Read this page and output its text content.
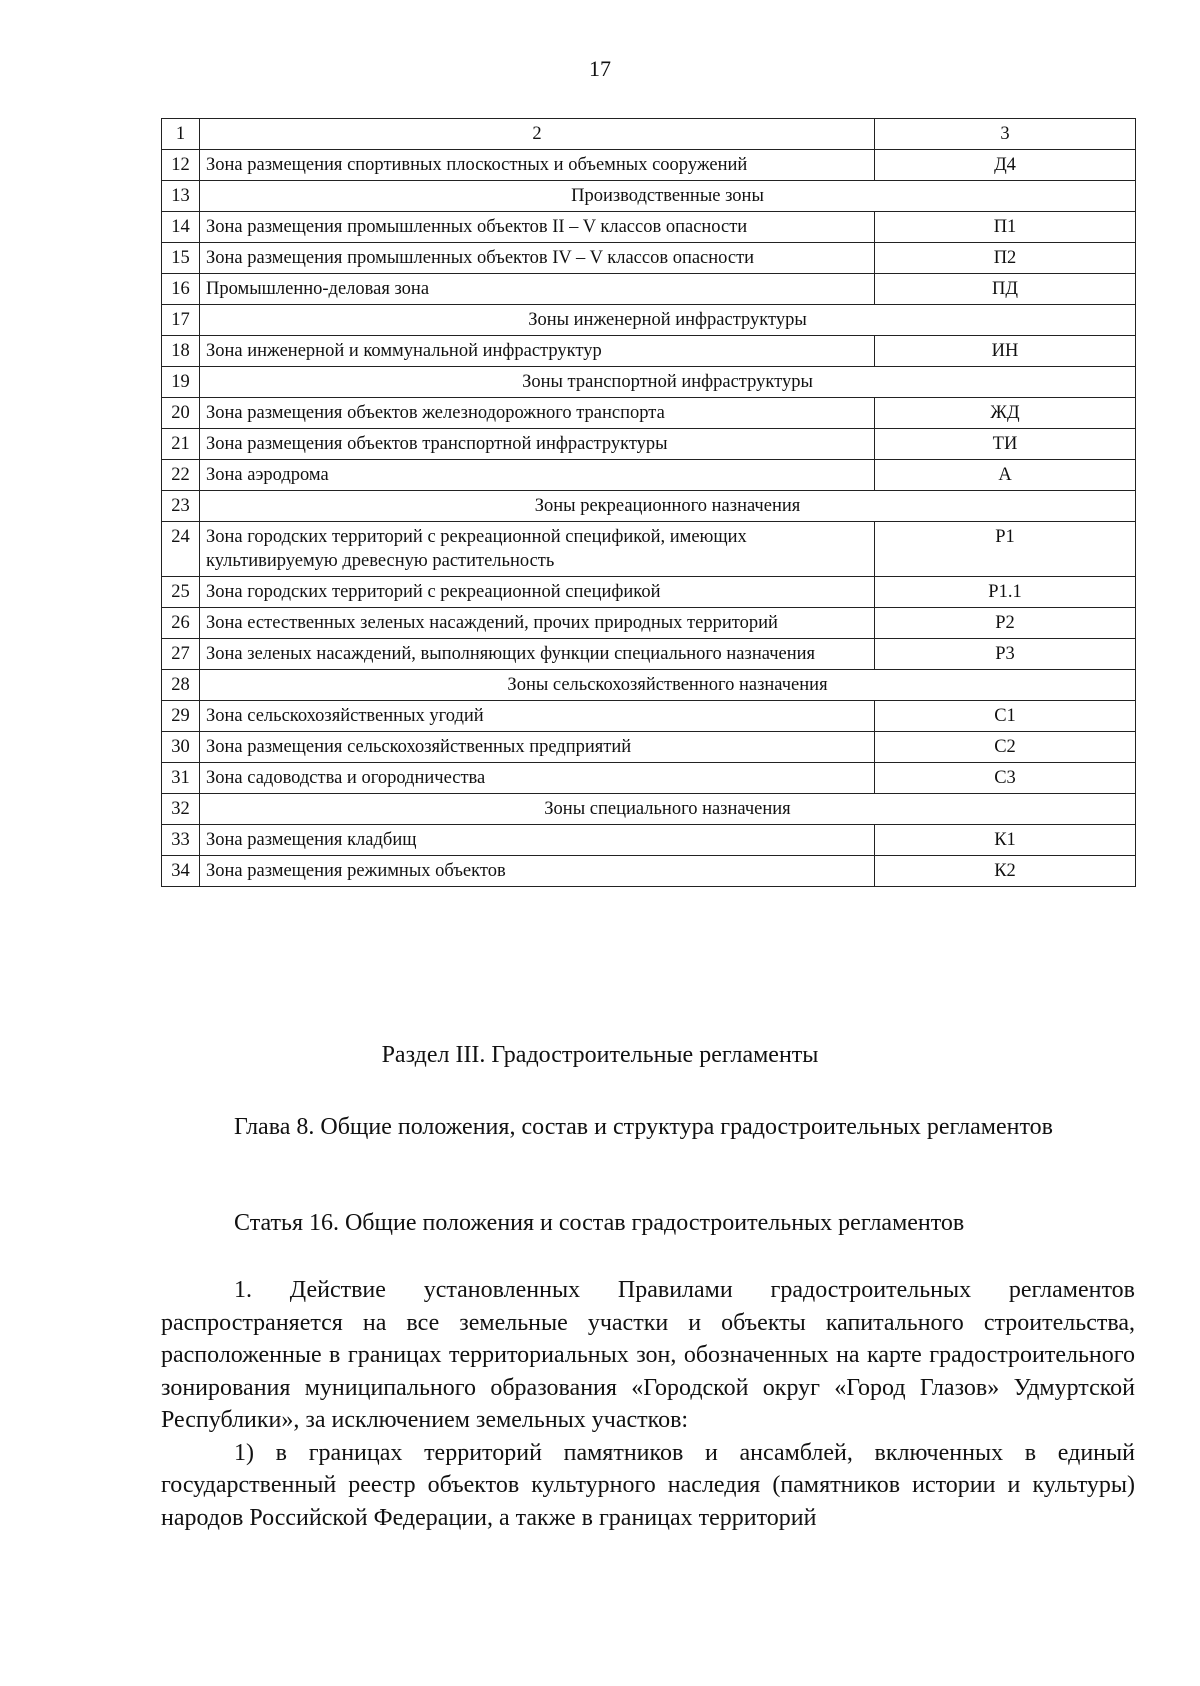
17
1	2	3
12	Зона размещения спортивных плоскостных и объемных сооружений	Д4
13	Производственные зоны	
14	Зона размещения промышленных объектов II – V классов опасности	П1
15	Зона размещения промышленных объектов IV – V классов опасности	П2
16	Промышленно-деловая зона	ПД
17	Зоны инженерной инфраструктуры	
18	Зона инженерной и коммунальной инфраструктур	ИН
19	Зоны транспортной инфраструктуры	
20	Зона размещения объектов железнодорожного транспорта	ЖД
21	Зона размещения объектов транспортной инфраструктуры	ТИ
22	Зона аэродрома	А
23	Зоны рекреационного назначения	
24	Зона городских территорий с рекреационной спецификой, имеющих культивируемую древесную растительность	Р1
25	Зона городских территорий с рекреационной спецификой	Р1.1
26	Зона естественных зеленых насаждений, прочих природных территорий	Р2
27	Зона зеленых насаждений, выполняющих функции специального назначения	Р3
28	Зоны сельскохозяйственного назначения	
29	Зона сельскохозяйственных угодий	С1
30	Зона размещения сельскохозяйственных предприятий	С2
31	Зона садоводства и огородничества	С3
32	Зоны специального назначения	
33	Зона размещения кладбищ	К1
34	Зона размещения режимных объектов	К2
Раздел III. Градостроительные регламенты
Глава 8. Общие положения, состав и структура градостроительных регламентов
Статья 16. Общие положения и состав градостроительных регламентов

1. Действие установленных Правилами градостроительных регламентов распространяется на все земельные участки и объекты капитального строительства, расположенные в границах территориальных зон, обозначенных на карте градостроительного зонирования муниципального образования «Городской округ «Город Глазов» Удмуртской Республики», за исключением земельных участков:

1) в границах территорий памятников и ансамблей, включенных в единый государственный реестр объектов культурного наследия (памятников истории и культуры) народов Российской Федерации, а также в границах территорий
